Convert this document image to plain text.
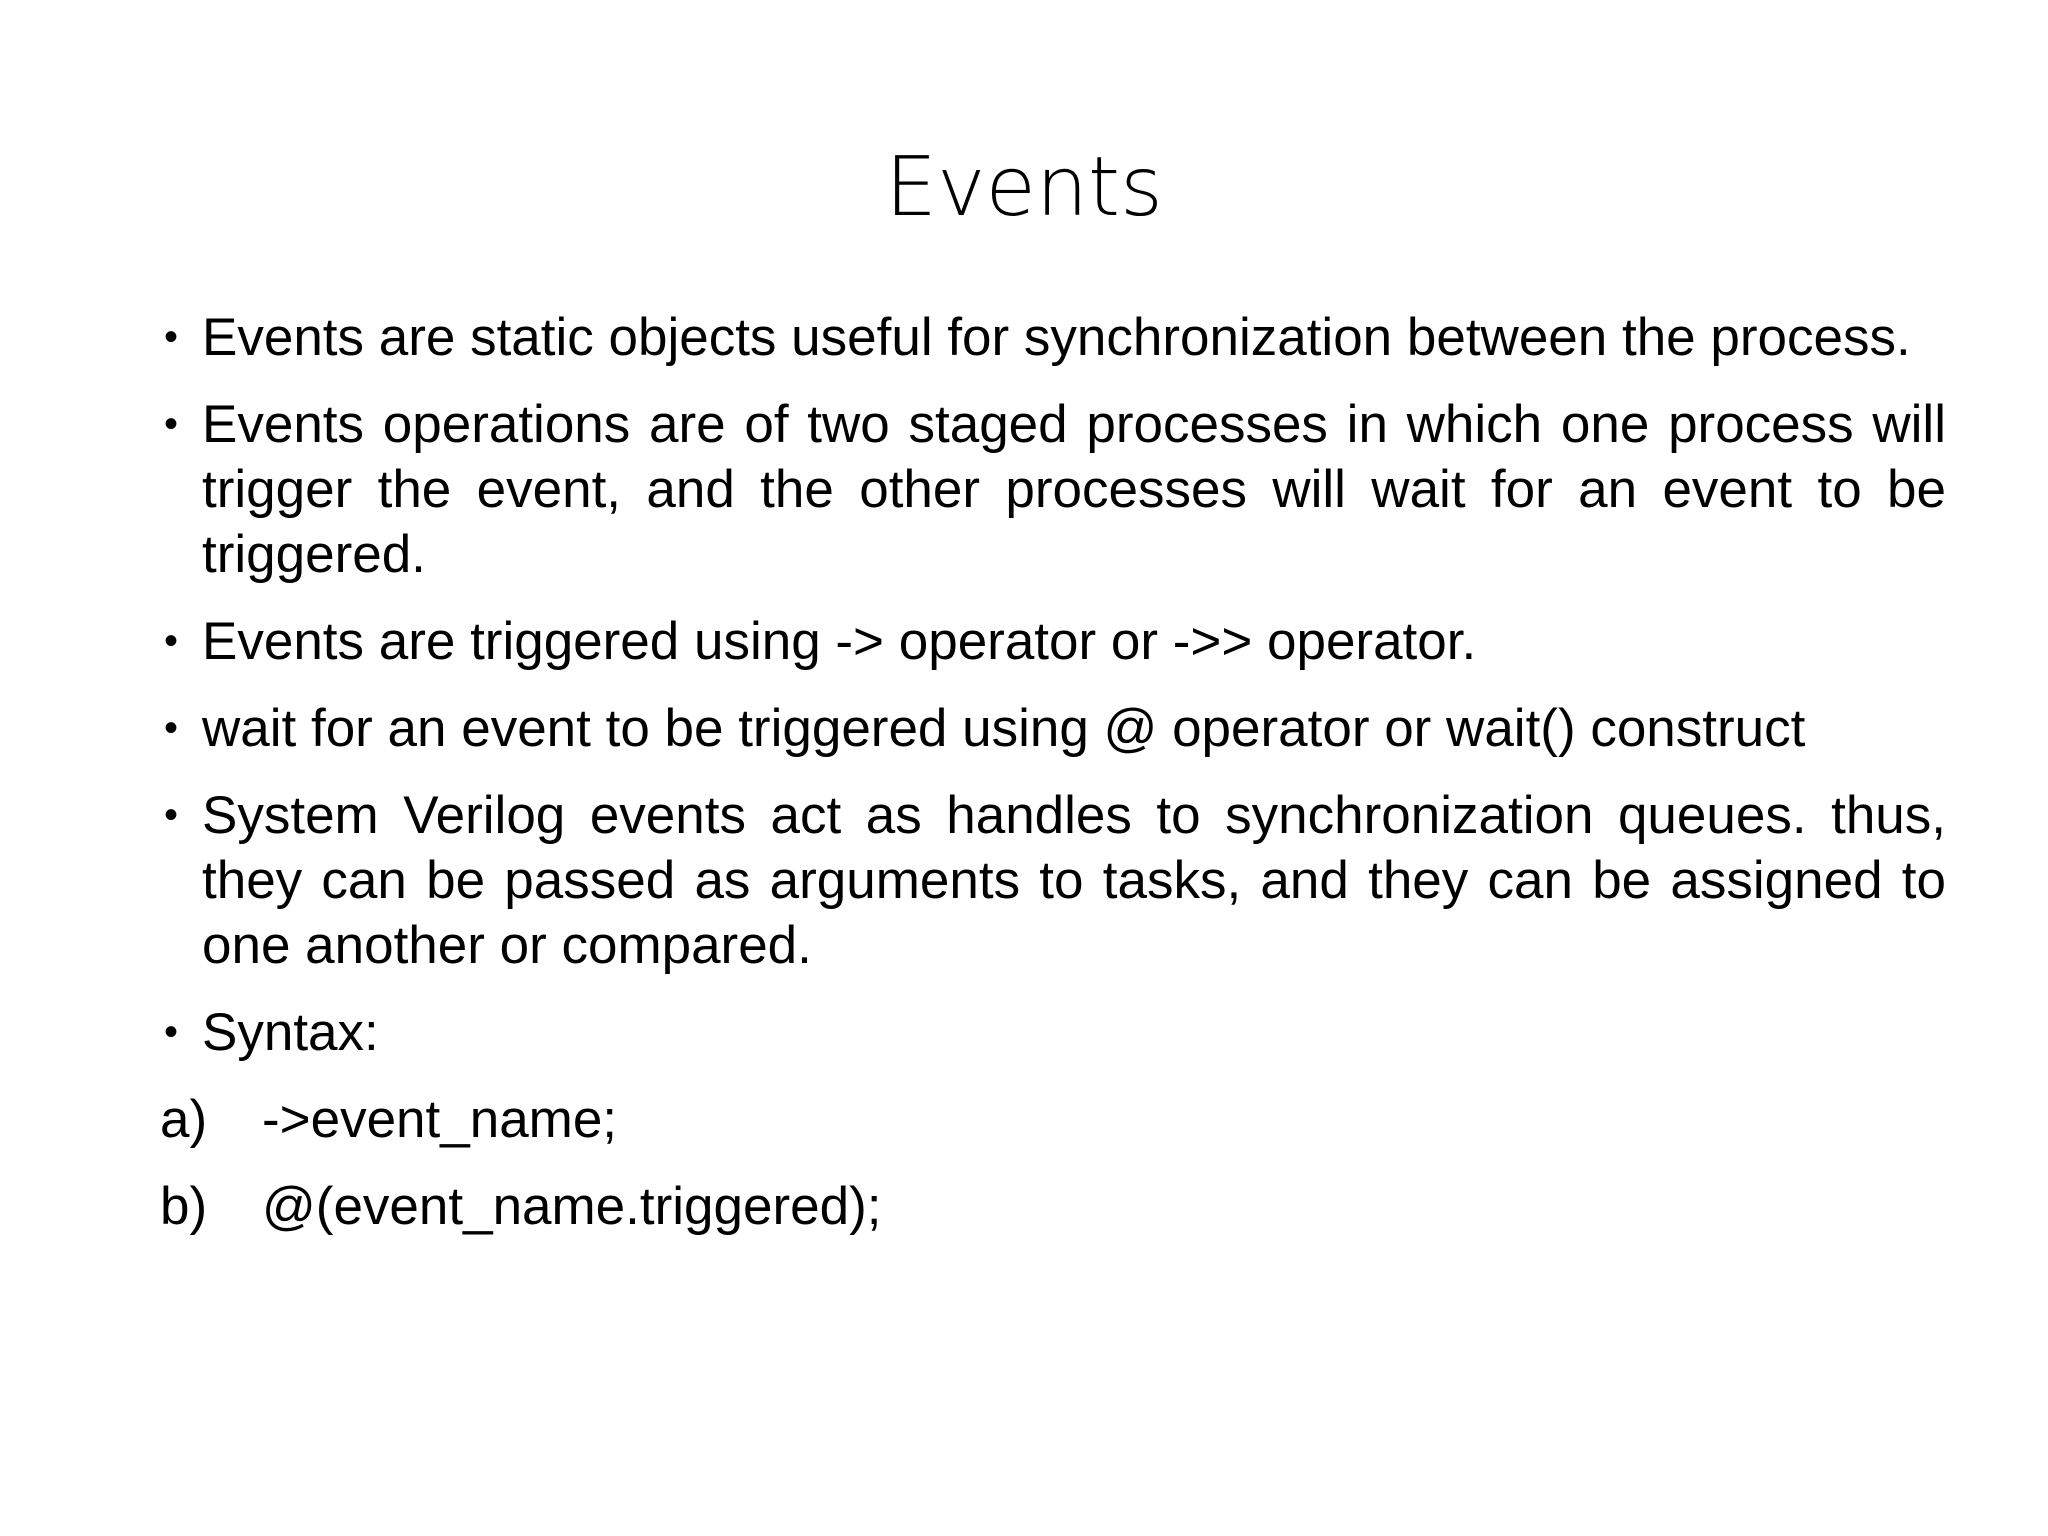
Events
• Events are static objects useful for synchronization between the process.
• Events operations are of two staged processes in which one process will trigger the event, and the other processes will wait for an event to be triggered.
• Events are triggered using -> operator or ->> operator.
• wait for an event to be triggered using @ operator or wait() construct
• System Verilog events act as handles to synchronization queues. thus, they can be passed as arguments to tasks, and they can be assigned to one another or compared.
• Syntax:
a)	->event_name;
b)	@(event_name.triggered);
